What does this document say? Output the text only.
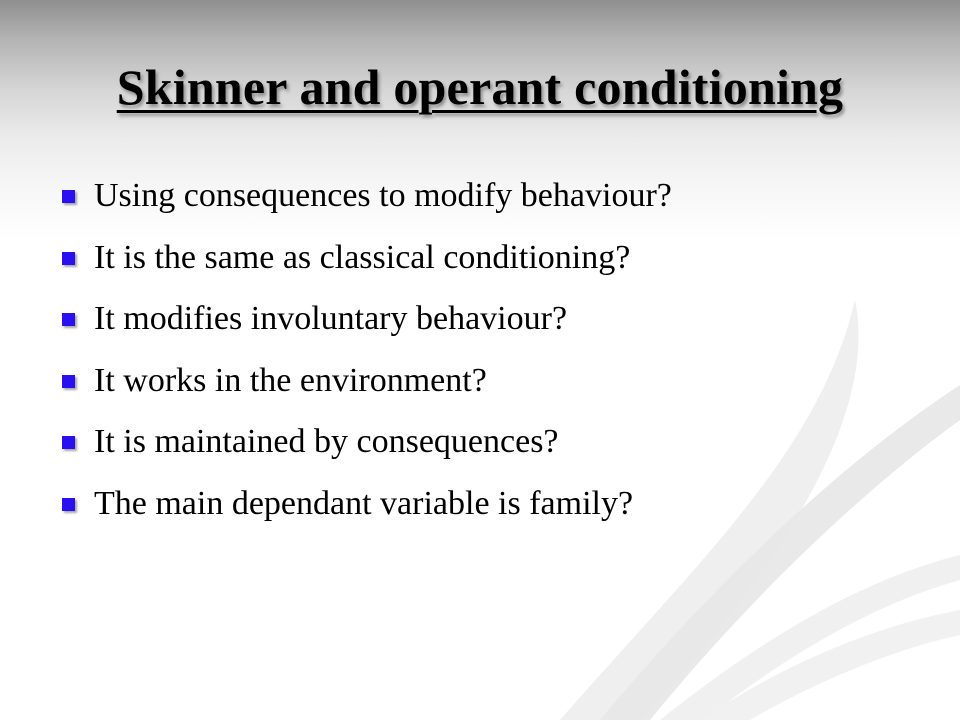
Skinner and operant conditioning
Using consequences to modify behaviour?
It is the same as classical conditioning?
It modifies involuntary behaviour?
It works in the environment?
It is maintained by consequences?
The main dependant variable is family?
